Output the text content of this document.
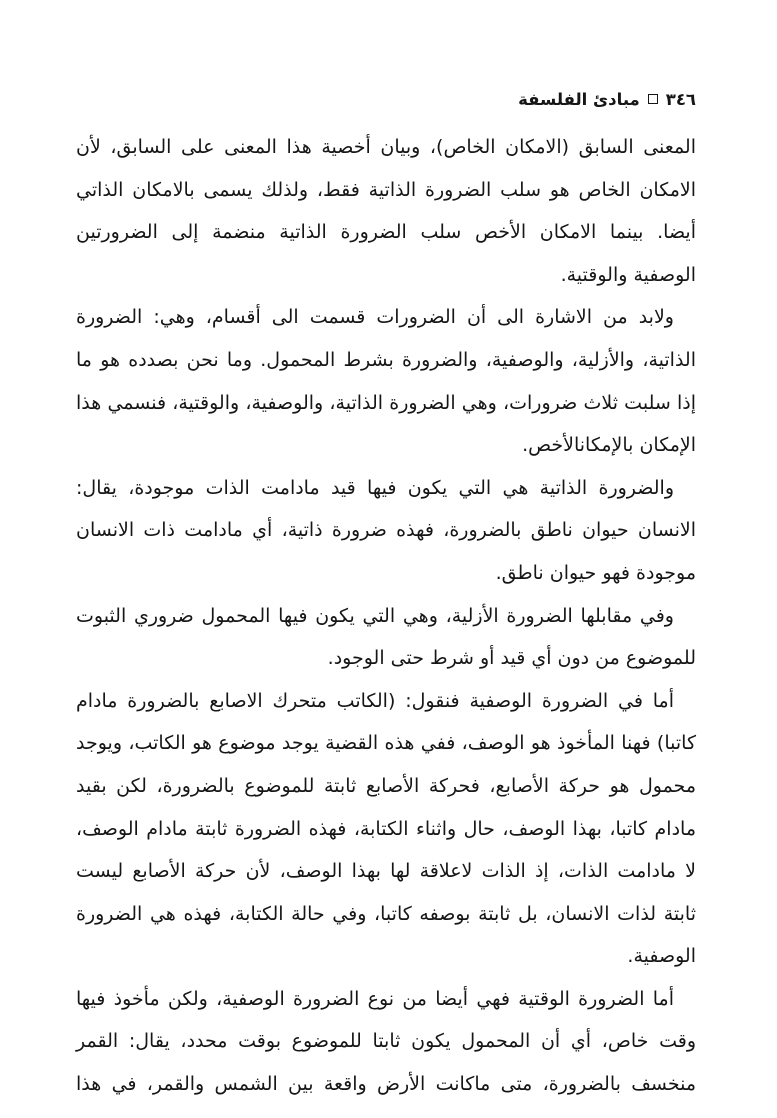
٣٤٦
مبادئ الفلسفة

المعنى السابق (الامكان الخاص)، وبيان أخصية هذا المعنى على السابق، لأن الامكان الخاص هو سلب الضرورة الذاتية فقط، ولذلك يسمى بالامكان الذاتي أيضا. بينما الامكان الأخص سلب الضرورة الذاتية منضمة إلى الضرورتين الوصفية والوقتية.

ولابد من الاشارة الى أن الضرورات قسمت الى أقسام، وهي: الضرورة الذاتية، والأزلية، والوصفية، والضرورة بشرط المحمول. وما نحن بصدده هو ما إذا سلبت ثلاث ضرورات، وهي الضرورة الذاتية، والوصفية، والوقتية، فنسمي هذا الإمكان بالإمكانالأخص.

والضرورة الذاتية هي التي يكون فيها قيد مادامت الذات موجودة، يقال: الانسان حيوان ناطق بالضرورة، فهذه ضرورة ذاتية، أي مادامت ذات الانسان موجودة فهو حيوان ناطق.

وفي مقابلها الضرورة الأزلية، وهي التي يكون فيها المحمول ضروري الثبوت للموضوع من دون أي قيد أو شرط حتى الوجود.

أما في الضرورة الوصفية فنقول: (الكاتب متحرك الاصابع بالضرورة مادام كاتبا) فهنا المأخوذ هو الوصف، ففي هذه القضية يوجد موضوع هو الكاتب، ويوجد محمول هو حركة الأصابع، فحركة الأصابع ثابتة للموضوع بالضرورة، لكن بقيد مادام كاتبا، بهذا الوصف، حال واثناء الكتابة، فهذه الضرورة ثابتة مادام الوصف، لا مادامت الذات، إذ الذات لاعلاقة لها بهذا الوصف، لأن حركة الأصابع ليست ثابتة لذات الانسان، بل ثابتة بوصفه كاتبا، وفي حالة الكتابة، فهذه هي الضرورة الوصفية.

أما الضرورة الوقتية فهي أيضا من نوع الضرورة الوصفية، ولكن مأخوذ فيها وقت خاص، أي أن المحمول يكون ثابتا للموضوع بوقت محدد، يقال: القمر منخسف بالضرورة، متى ماكانت الأرض واقعة بين الشمس والقمر، في هذا
